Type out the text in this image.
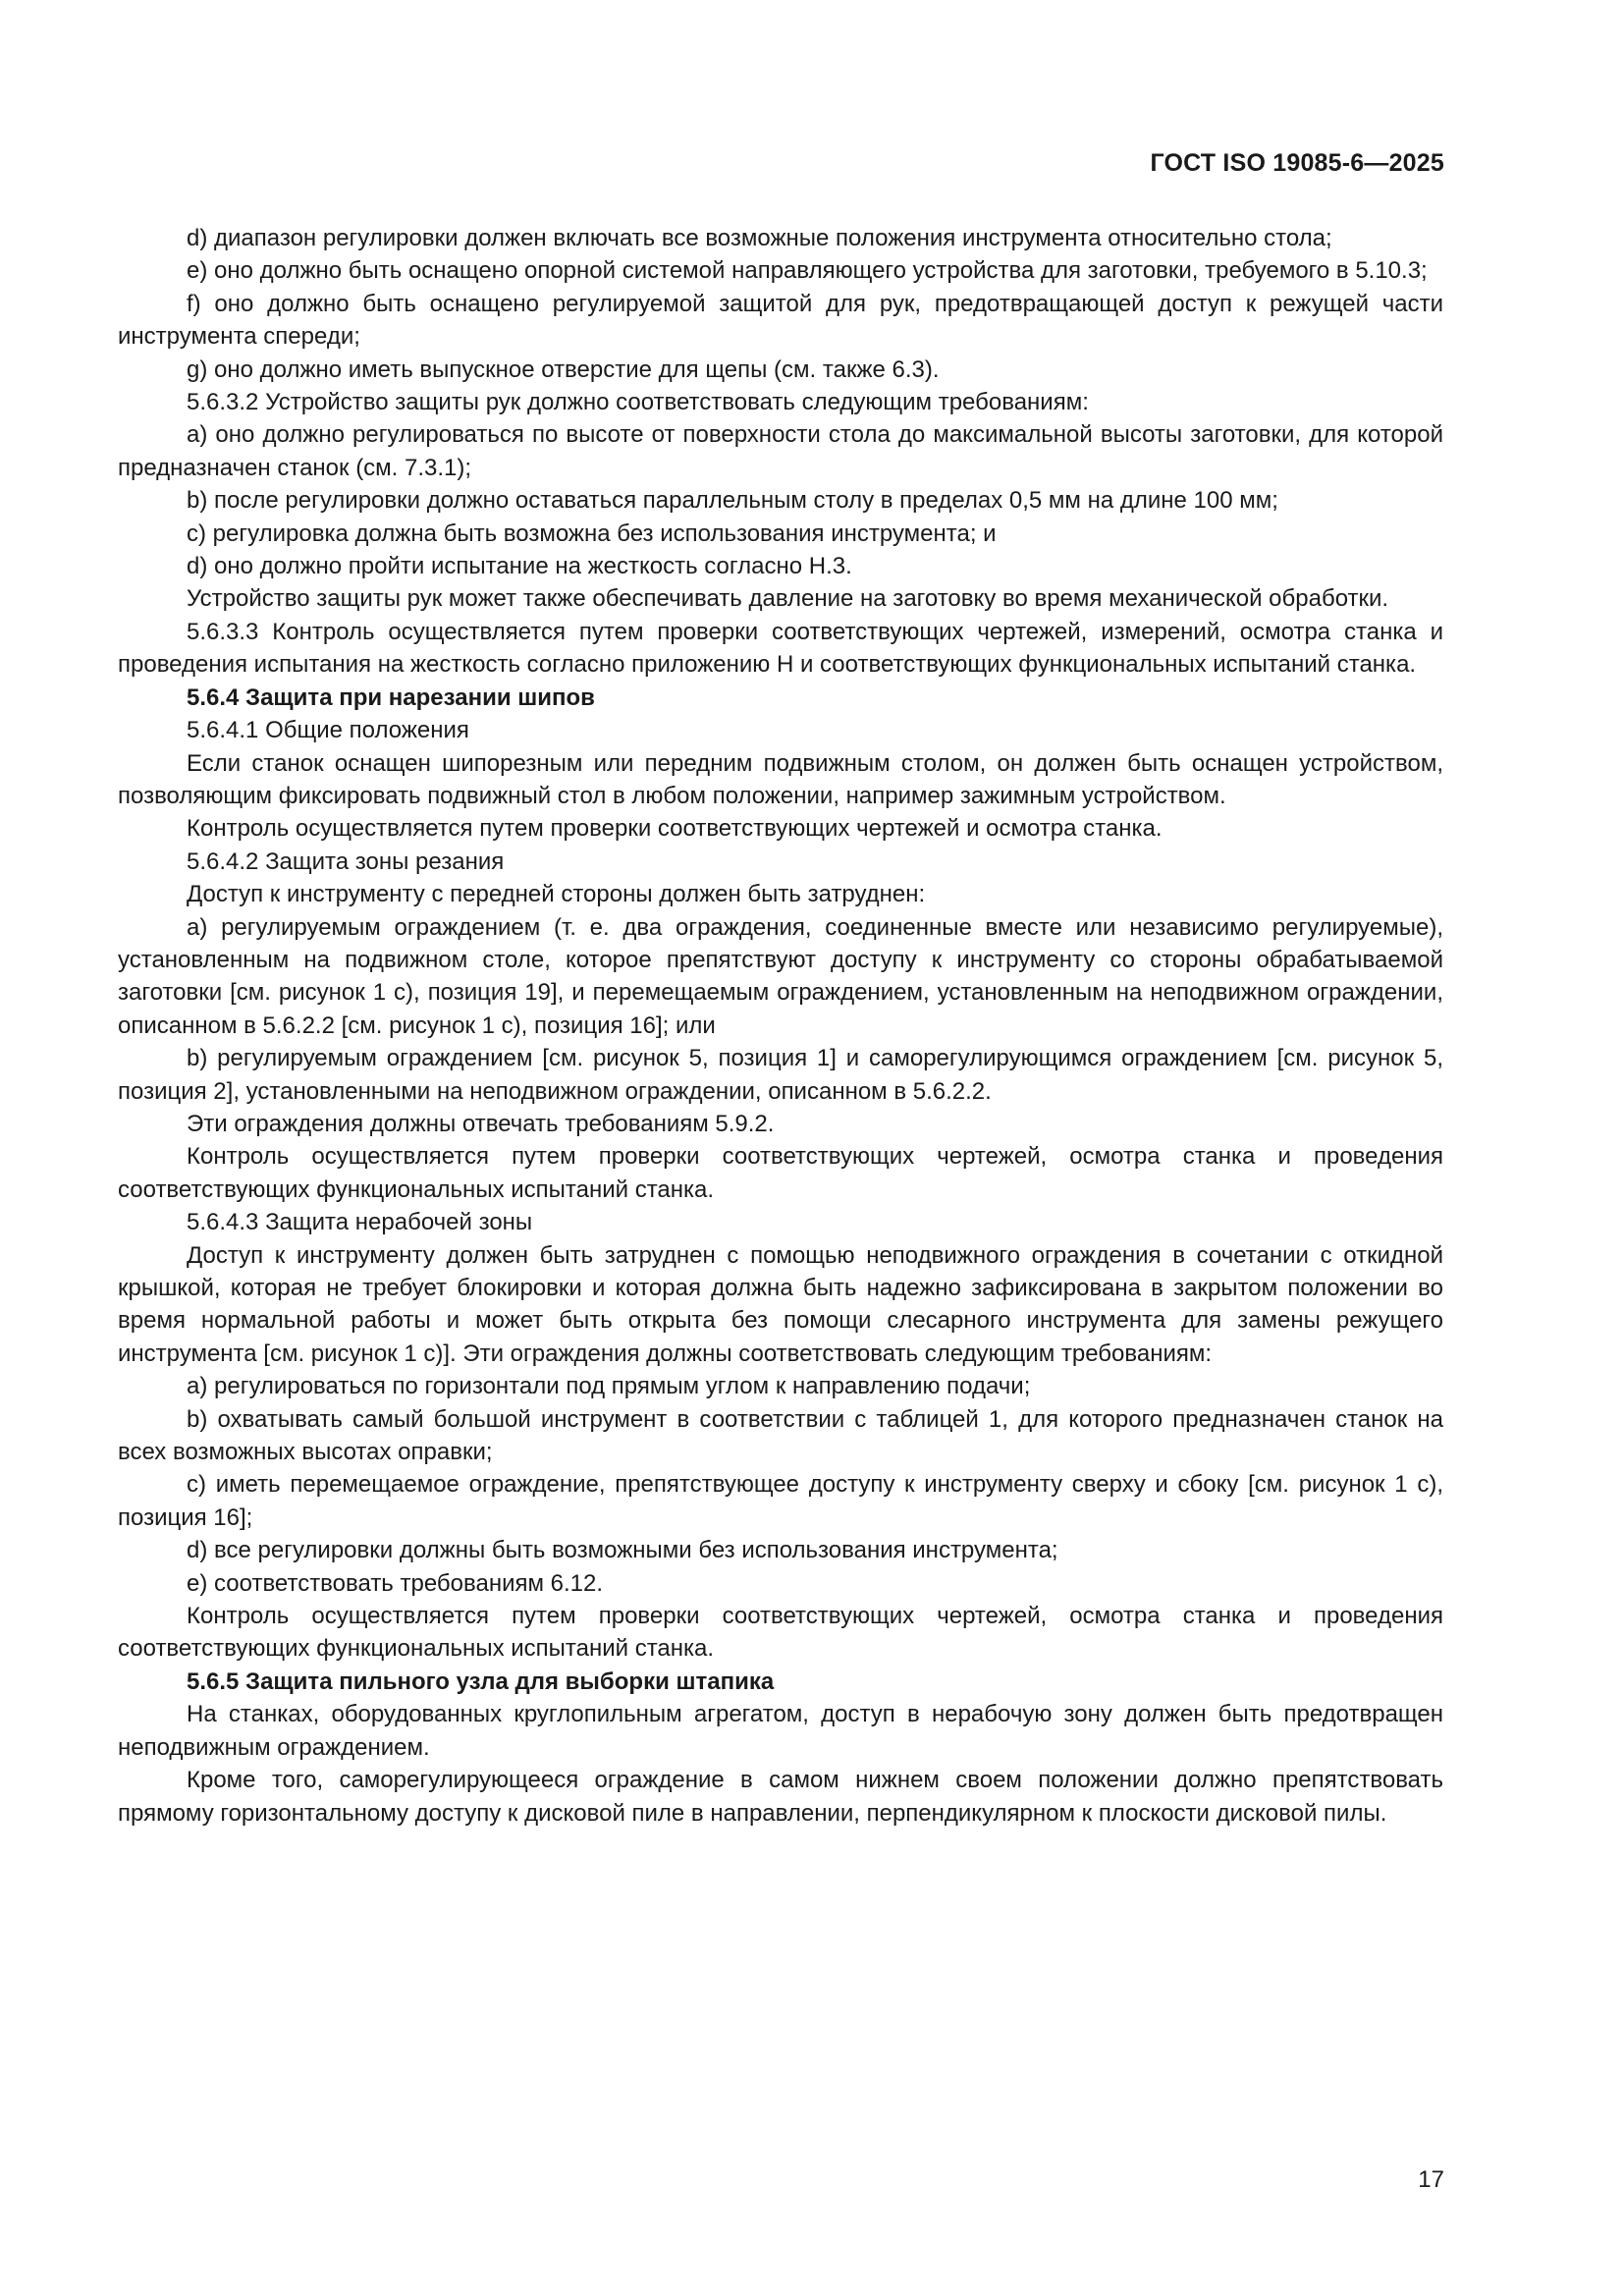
ГОСТ ISO 19085-6—2025

d) диапазон регулировки должен включать все возможные положения инструмента относительно стола;

e) оно должно быть оснащено опорной системой направляющего устройства для заготовки, требуемого в 5.10.3;

f) оно должно быть оснащено регулируемой защитой для рук, предотвращающей доступ к режущей части инструмента спереди;

g) оно должно иметь выпускное отверстие для щепы (см. также 6.3).

5.6.3.2 Устройство защиты рук должно соответствовать следующим требованиям:

a) оно должно регулироваться по высоте от поверхности стола до максимальной высоты заготовки, для которой предназначен станок (см. 7.3.1);

b) после регулировки должно оставаться параллельным столу в пределах 0,5 мм на длине 100 мм;

c) регулировка должна быть возможна без использования инструмента; и

d) оно должно пройти испытание на жесткость согласно Н.3.

Устройство защиты рук может также обеспечивать давление на заготовку во время механической обработки.

5.6.3.3 Контроль осуществляется путем проверки соответствующих чертежей, измерений, осмотра станка и проведения испытания на жесткость согласно приложению Н и соответствующих функциональных испытаний станка.

5.6.4 Защита при нарезании шипов

5.6.4.1 Общие положения

Если станок оснащен шипорезным или передним подвижным столом, он должен быть оснащен устройством, позволяющим фиксировать подвижный стол в любом положении, например зажимным устройством.

Контроль осуществляется путем проверки соответствующих чертежей и осмотра станка.

5.6.4.2 Защита зоны резания

Доступ к инструменту с передней стороны должен быть затруднен:

a) регулируемым ограждением (т. е. два ограждения, соединенные вместе или независимо регулируемые), установленным на подвижном столе, которое препятствуют доступу к инструменту со стороны обрабатываемой заготовки [см. рисунок 1 c), позиция 19], и перемещаемым ограждением, установленным на неподвижном ограждении, описанном в 5.6.2.2 [см. рисунок 1 c), позиция 16]; или

b) регулируемым ограждением [см. рисунок 5, позиция 1] и саморегулирующимся ограждением [см. рисунок 5, позиция 2], установленными на неподвижном ограждении, описанном в 5.6.2.2.

Эти ограждения должны отвечать требованиям 5.9.2.

Контроль осуществляется путем проверки соответствующих чертежей, осмотра станка и проведения соответствующих функциональных испытаний станка.

5.6.4.3 Защита нерабочей зоны

Доступ к инструменту должен быть затруднен с помощью неподвижного ограждения в сочетании с откидной крышкой, которая не требует блокировки и которая должна быть надежно зафиксирована в закрытом положении во время нормальной работы и может быть открыта без помощи слесарного инструмента для замены режущего инструмента [см. рисунок 1 c)]. Эти ограждения должны соответствовать следующим требованиям:

a) регулироваться по горизонтали под прямым углом к направлению подачи;

b) охватывать самый большой инструмент в соответствии с таблицей 1, для которого предназначен станок на всех возможных высотах оправки;

c) иметь перемещаемое ограждение, препятствующее доступу к инструменту сверху и сбоку [см. рисунок 1 c), позиция 16];

d) все регулировки должны быть возможными без использования инструмента;

e) соответствовать требованиям 6.12.

Контроль осуществляется путем проверки соответствующих чертежей, осмотра станка и проведения соответствующих функциональных испытаний станка.

5.6.5 Защита пильного узла для выборки штапика

На станках, оборудованных круглопильным агрегатом, доступ в нерабочую зону должен быть предотвращен неподвижным ограждением.

Кроме того, саморегулирующееся ограждение в самом нижнем своем положении должно препятствовать прямому горизонтальному доступу к дисковой пиле в направлении, перпендикулярном к плоскости дисковой пилы.

17
